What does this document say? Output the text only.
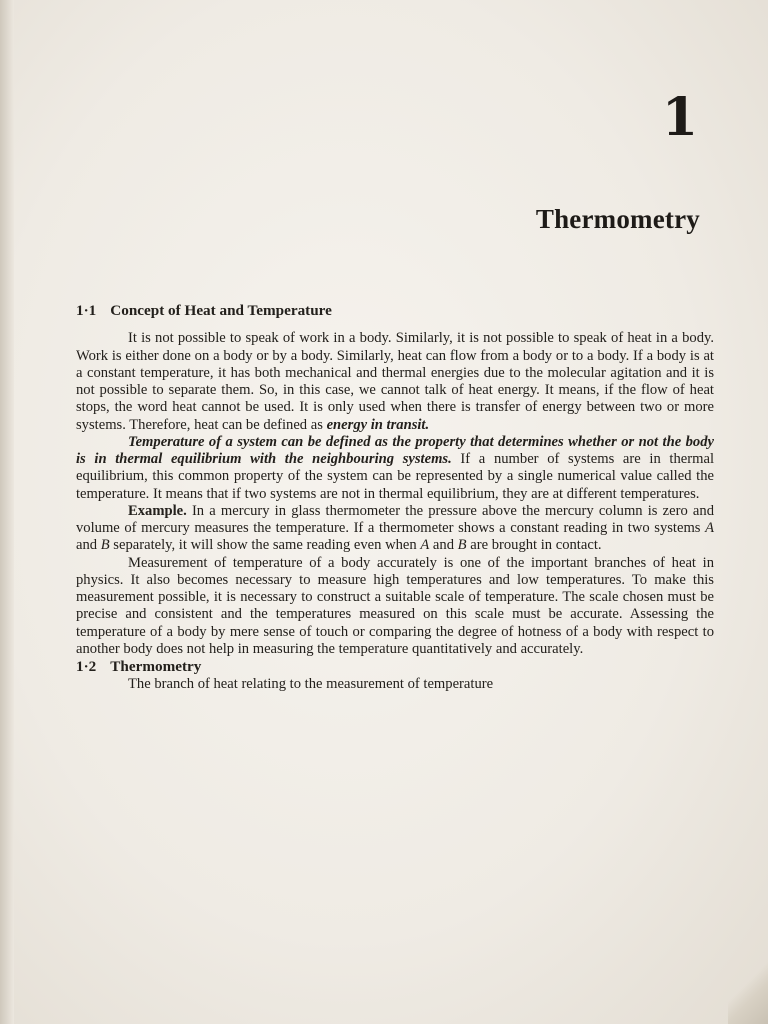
1
Thermometry
1·1 Concept of Heat and Temperature

It is not possible to speak of work in a body. Similarly, it is not possible to speak of heat in a body. Work is either done on a body or by a body. Similarly, heat can flow from a body or to a body. If a body is at a constant temperature, it has both mechanical and thermal energies due to the molecular agitation and it is not possible to separate them. So, in this case, we cannot talk of heat energy. It means, if the flow of heat stops, the word heat cannot be used. It is only used when there is transfer of energy between two or more systems. Therefore, heat can be defined as energy in transit.

Temperature of a system can be defined as the property that determines whether or not the body is in thermal equilibrium with the neighbouring systems. If a number of systems are in thermal equilibrium, this common property of the system can be represented by a single numerical value called the temperature. It means that if two systems are not in thermal equilibrium, they are at different temperatures.

Example. In a mercury in glass thermometer the pressure above the mercury column is zero and volume of mercury measures the temperature. If a thermometer shows a constant reading in two systems A and B separately, it will show the same reading even when A and B are brought in contact.

Measurement of temperature of a body accurately is one of the important branches of heat in physics. It also becomes necessary to measure high temperatures and low temperatures. To make this measurement possible, it is necessary to construct a suitable scale of temperature. The scale chosen must be precise and consistent and the temperatures measured on this scale must be accurate. Assessing the temperature of a body by mere sense of touch or comparing the degree of hotness of a body with respect to another body does not help in measuring the temperature quantitatively and accurately.

1·2 Thermometry

The branch of heat relating to the measurement of temperature
